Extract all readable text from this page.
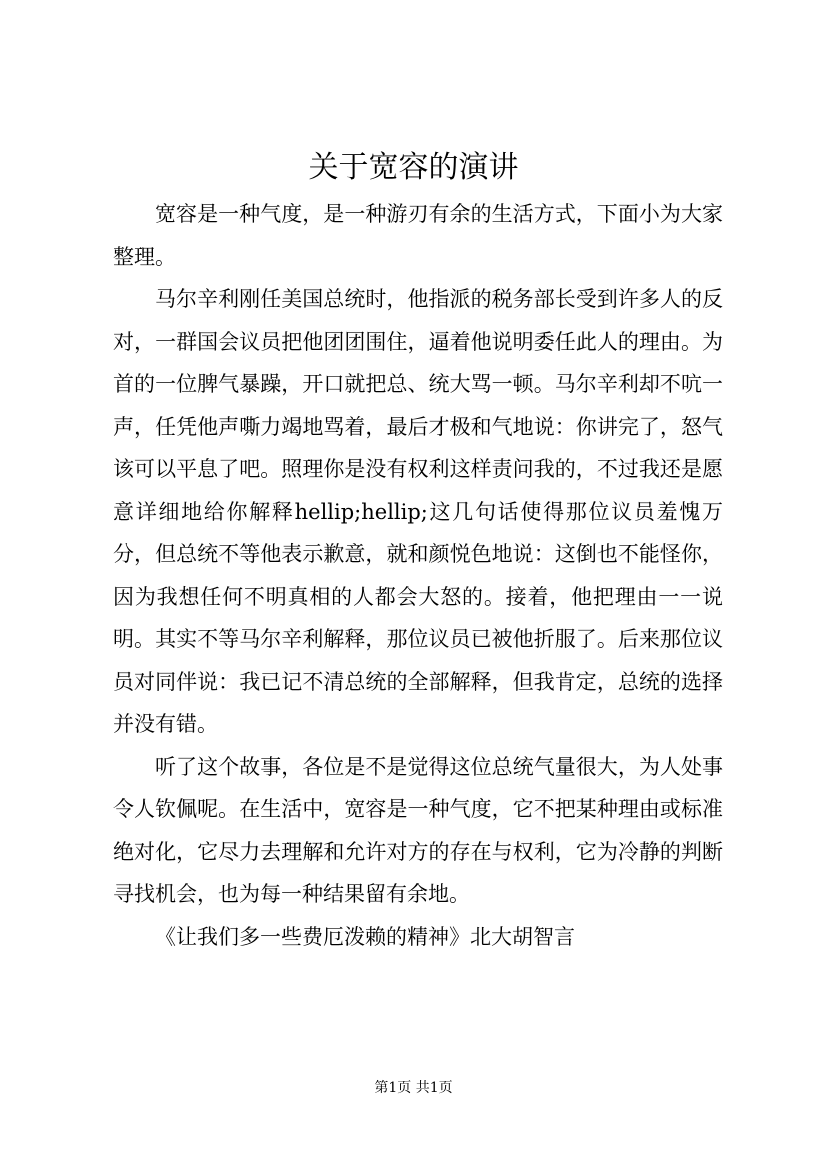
关于宽容的演讲

宽容是一种气度，是一种游刃有余的生活方式，下面小为大家整理。

马尔辛利刚任美国总统时，他指派的税务部长受到许多人的反对，一群国会议员把他团团围住，逼着他说明委任此人的理由。为首的一位脾气暴躁，开口就把总、统大骂一顿。马尔辛利却不吭一声，任凭他声嘶力竭地骂着，最后才极和气地说：你讲完了，怒气该可以平息了吧。照理你是没有权利这样责问我的，不过我还是愿意详细地给你解释hellip;hellip;这几句话使得那位议员羞愧万分，但总统不等他表示歉意，就和颜悦色地说：这倒也不能怪你，因为我想任何不明真相的人都会大怒的。接着，他把理由一一说明。其实不等马尔辛利解释，那位议员已被他折服了。后来那位议员对同伴说：我已记不清总统的全部解释，但我肯定，总统的选择并没有错。

听了这个故事，各位是不是觉得这位总统气量很大，为人处事令人钦佩呢。在生活中，宽容是一种气度，它不把某种理由或标准绝对化，它尽力去理解和允许对方的存在与权利，它为冷静的判断寻找机会，也为每一种结果留有余地。

《让我们多一些费厄泼赖的精神》北大胡智言

第1页 共1页
